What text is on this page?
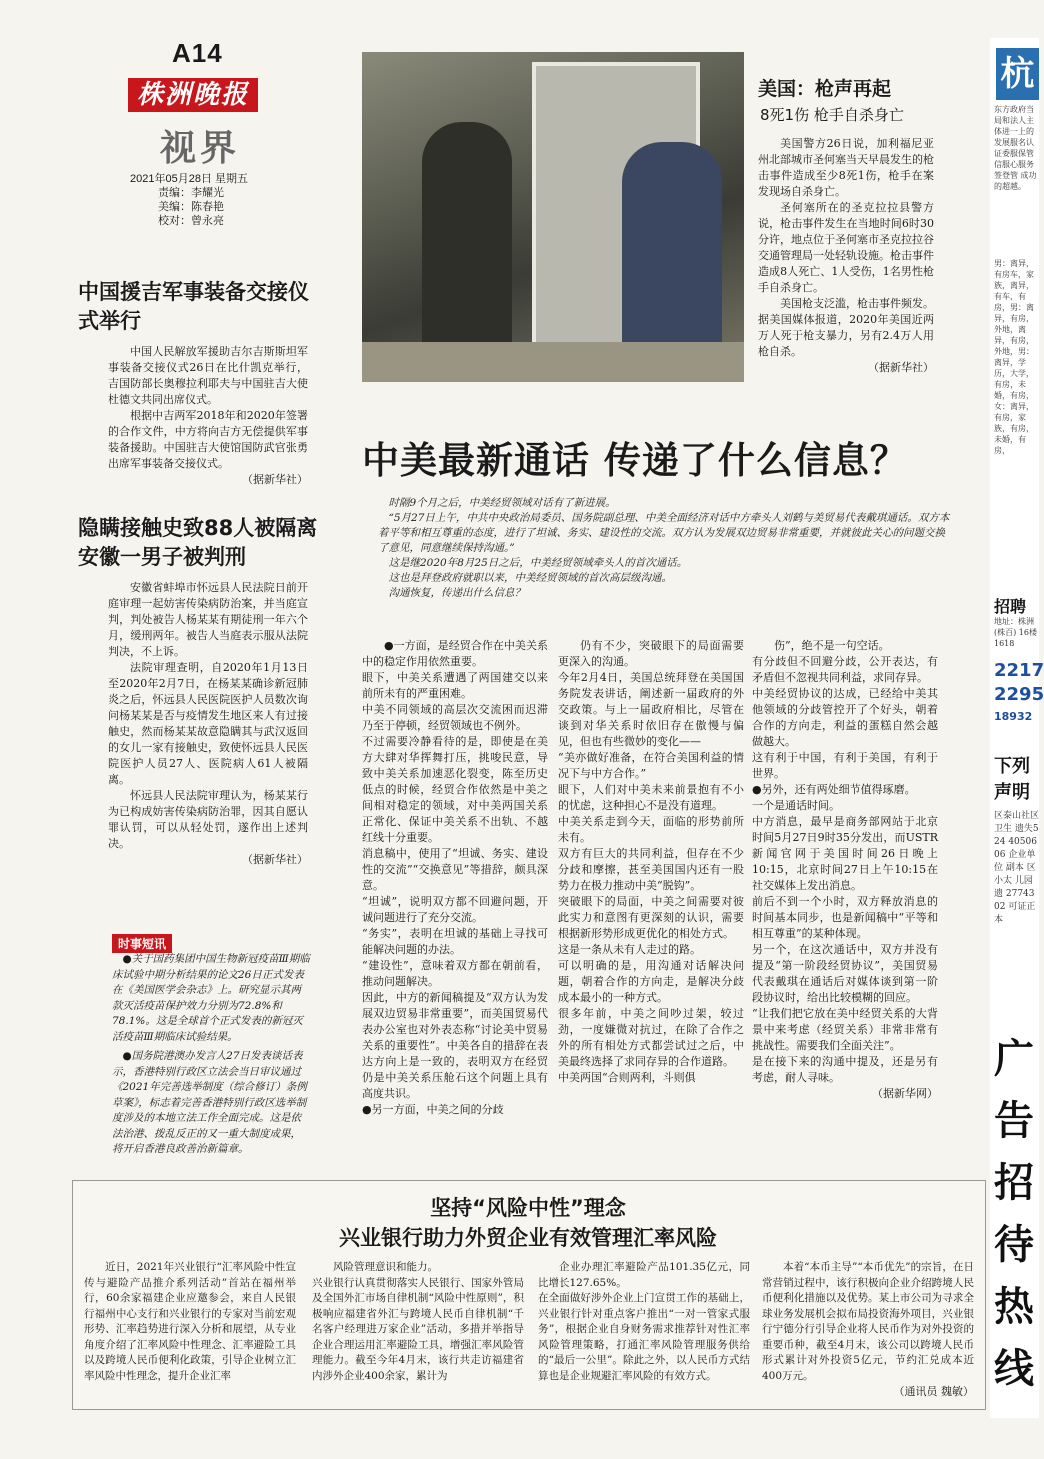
A14
株洲晚报
视界
2021年05月28日 星期五
责编：李耀光
美编：陈春艳
校对：曾永亮
中国援吉军事装备交接仪
式举行

中国人民解放军援助吉尔吉斯斯坦军事装备交接仪式26日在比什凯克举行，吉国防部长奥穆拉利耶夫与中国驻吉大使杜德文共同出席仪式。

根据中吉两军2018年和2020年签署的合作文件，中方将向吉方无偿提供军事装备援助。中国驻吉大使馆国防武官张勇出席军事装备交接仪式。

（据新华社）
隐瞒接触史致88人被隔离
安徽一男子被判刑

安徽省蚌埠市怀远县人民法院日前开庭审理一起妨害传染病防治案，并当庭宣判，判处被告人杨某某有期徒刑一年六个月，缓刑两年。被告人当庭表示服从法院判决，不上诉。

法院审理查明，自2020年1月13日至2020年2月7日，在杨某某确诊新冠肺炎之后，怀远县人民医院医护人员数次询问杨某某是否与疫情发生地区来人有过接触史，然而杨某某故意隐瞒其与武汉返回的女儿一家有接触史，致使怀远县人民医院医护人员27人、医院病人61人被隔离。

怀远县人民法院审理认为，杨某某行为已构成妨害传染病防治罪，因其自愿认罪认罚，可以从轻处罚，遂作出上述判决。

（据新华社）
时事短讯

●关于国药集团中国生物新冠疫苗Ⅲ期临床试验中期分析结果的论文26日正式发表在《美国医学会杂志》上。研究显示其两款灭活疫苗保护效力分别为72.8%和78.1%。这是全球首个正式发表的新冠灭活疫苗Ⅲ期临床试验结果。

●国务院港澳办发言人27日发表谈话表示，香港特别行政区立法会当日审议通过《2021年完善选举制度（综合修订）条例草案》，标志着完善香港特别行政区选举制度涉及的本地立法工作全面完成。这是依法治港、拨乱反正的又一重大制度成果，将开启香港良政善治新篇章。

美国：枪声再起
8死1伤 枪手自杀身亡

美国警方26日说，加利福尼亚州北部城市圣何塞当天早晨发生的枪击事件造成至少8死1伤，枪手在案发现场自杀身亡。

圣何塞所在的圣克拉拉县警方说，枪击事件发生在当地时间6时30分许，地点位于圣何塞市圣克拉拉谷交通管理局一处轻轨设施。枪击事件造成8人死亡、1人受伤，1名男性枪手自杀身亡。

美国枪支泛滥，枪击事件频发。据美国媒体报道，2020年美国近两万人死于枪支暴力，另有2.4万人用枪自杀。

（据新华社）
中美最新通话 传递了什么信息？

时隔9个月之后，中美经贸领域对话有了新进展。

“5月27日上午，中共中央政治局委员、国务院副总理、中美全面经济对话中方牵头人刘鹤与美贸易代表戴琪通话。双方本着平等和相互尊重的态度，进行了坦诚、务实、建设性的交流。双方认为发展双边贸易非常重要，并就彼此关心的问题交换了意见，同意继续保持沟通。”

这是继2020年8月25日之后，中美经贸领域牵头人的首次通话。

这也是拜登政府就职以来，中美经贸领域的首次高层级沟通。

沟通恢复，传递出什么信息？

●一方面，是经贸合作在中美关系中的稳定作用依然重要。
眼下，中美关系遭遇了两国建交以来前所未有的严重困难。
中美不同领域的高层次交流困而迟滞乃至于停顿，经贸领域也不例外。
不过需要冷静看待的是，即使是在美方大肆对华挥舞打压，挑唆民意，导致中美关系加速恶化裂变，陈至历史低点的时候，经贸合作依然是中美之间相对稳定的领域，对中美两国关系正常化、保证中美关系不出轨、不越红线十分重要。
消息稿中，使用了“坦诚、务实、建设性的交流”“交换意见”等措辞，颇具深意。
“坦诚”，说明双方都不回避问题，开诚问题进行了充分交流。
“务实”，表明在坦诚的基础上寻找可能解决问题的办法。
“建设性”，意味着双方都在朝前看，推动问题解决。
因此，中方的新闻稿提及“双方认为发展双边贸易非常重要”，而美国贸易代表办公室也对外表态称“讨论美中贸易关系的重要性”。中美各自的措辞在表达方向上是一致的，表明双方在经贸仍是中美关系压舱石这个问题上具有高度共识。
●另一方面，中美之间的分歧
仍有不少，突破眼下的局面需要更深入的沟通。
今年2月4日，美国总统拜登在美国国务院发表讲话，阐述新一届政府的外交政策。与上一届政府相比，尽管在谈到对华关系时依旧存在傲慢与偏见，但也有些微妙的变化——
“美亦做好准备，在符合美国利益的情况下与中方合作。”
眼下，人们对中美未来前景抱有不小的忧虑，这种担心不是没有道理。
中美关系走到今天，面临的形势前所未有。
双方有巨大的共同利益，但存在不少分歧和摩擦，甚至美国国内还有一股势力在极力推动中美“脱钩”。
突破眼下的局面，中美之间需要对彼此实力和意图有更深刻的认识，需要根据新形势形成更优化的相处方式。
这是一条从未有人走过的路。
可以明确的是，用沟通对话解决问题，朝着合作的方向走，是解决分歧成本最小的一种方式。
很多年前，中美之间吵过架，较过劲，一度嫌微对抗过，在除了合作之外的所有相处方式都尝试过之后，中美最终选择了求同存异的合作道路。
中美两国“合则两利，斗则俱
伤”，绝不是一句空话。
有分歧但不回避分歧，公开表达，有矛盾但不忽视共同利益，求同存异。
中美经贸协议的达成，已经给中美其他领域的分歧管控开了个好头，朝着合作的方向走，利益的蛋糕自然会越做越大。
这有利于中国，有利于美国，有利于世界。
●另外，还有两处细节值得琢磨。
一个是通话时间。
中方消息，最早是商务部网站于北京时间5月27日9时35分发出，而USTR新闻官网于美国时间26日晚上10:15，北京时间27日上午10:15在社交媒体上发出消息。
前后不到一个小时，双方释放消息的时间基本同步，也是新闻稿中“平等和相互尊重”的某种体现。
另一个，在这次通话中，双方并没有提及“第一阶段经贸协议”，美国贸易代表戴琪在通话后对媒体谈到第一阶段协议时，给出比较模糊的回应。
“让我们把它放在美中经贸关系的大背景中来考虑（经贸关系）非常非常有挑战性。需要我们全面关注”。
是在接下来的沟通中提及，还是另有考虑，耐人寻味。
（据新华网）
坚持“风险中性”理念
兴业银行助力外贸企业有效管理汇率风险
近日，2021年兴业银行“汇率风险中性宣传与避险产品推介系列活动”首站在福州举行，60余家福建企业应邀参会，来自人民银行福州中心支行和兴业银行的专家对当前宏观形势、汇率趋势进行深入分析和展望，从专业角度介绍了汇率风险中性理念、汇率避险工具以及跨境人民币便利化政策，引导企业树立汇率风险中性理念，提升企业汇率
风险管理意识和能力。
兴业银行认真贯彻落实人民银行、国家外管局及全国外汇市场自律机制“风险中性原则”，积极响应福建省外汇与跨境人民币自律机制“千名客户经理进万家企业”活动，多措并举指导企业合理运用汇率避险工具，增强汇率风险管理能力。截至今年4月末，该行共走访福建省内涉外企业400余家，累计为
企业办理汇率避险产品101.35亿元，同比增长127.65%。
在全面做好涉外企业上门宣贯工作的基础上，兴业银行针对重点客户推出“一对一管家式服务”，根据企业自身财务需求推荐针对性汇率风险管理策略，打通汇率风险管理服务供给的“最后一公里”。除此之外，以人民币方式结算也是企业规避汇率风险的有效方式。
本着“本币主导”“本币优先”的宗旨，在日常营销过程中，该行积极向企业介绍跨境人民币便利化措施以及优势。某上市公司为寻求全球业务发展机会拟布局投资海外项目，兴业银行宁德分行引导企业将人民币作为对外投资的重要币种，截至4月末，该公司以跨境人民币形式累计对外投资5亿元，节约汇兑成本近400万元。
（通讯员 魏敏）
杭
东方政府当局和法人主体进一上的发展服名认证委服保管信服心服务 签登管 成功的超越。
男：离异，有房车，家族，离异，有车，有房，男：离异，有房，外地，离异，有房，外地，男：离异，学历，大学，有房，未婚，有房，女：离异，有房，家族，有房，未婚，有房，
招聘
地址：株洲 (株百) 16楼1618
2217
2295
18932
下列
声明
区泰山社区卫生 遗失524 4050606 企业单位 副本 区小太 儿园遗 2774302 可证正本
广告招待热线
